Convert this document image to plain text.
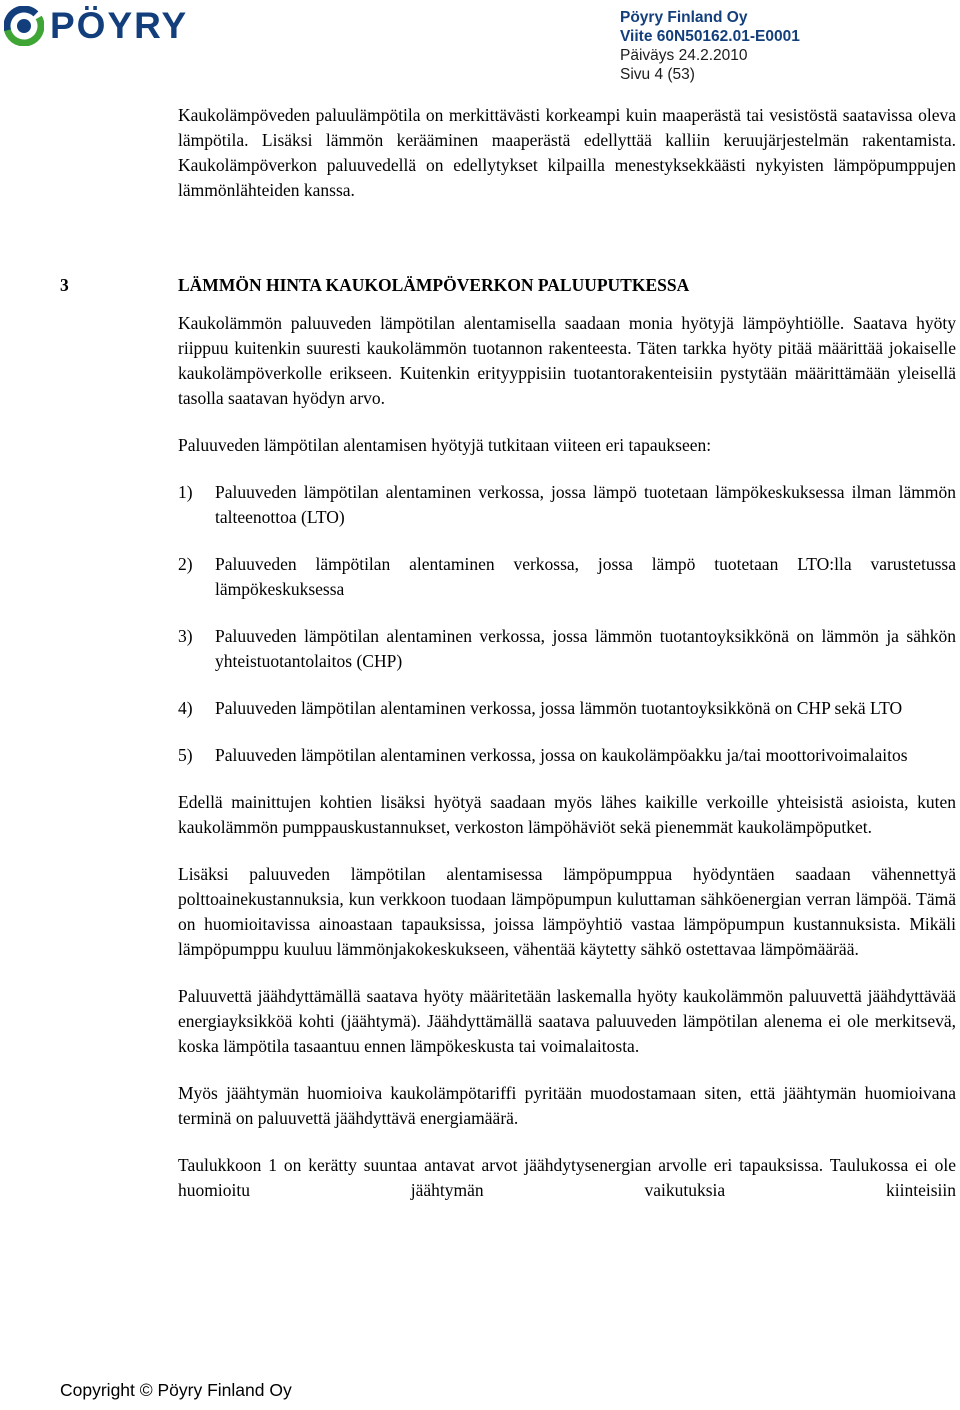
PÖYRY	Pöyry Finland Oy
Viite 60N50162.01-E0001
Päiväys 24.2.2010
Sivu 4 (53)

Kaukolämpöveden paluulämpötila on merkittävästi korkeampi kuin maaperästä tai vesistöstä saatavissa oleva lämpötila. Lisäksi lämmön kerääminen maaperästä edellyttää kalliin keruujärjestelmän rakentamista. Kaukolämpöverkon paluuvedellä on edellytykset kilpailla menestyksekkäästi nykyisten lämpöpumppujen lämmönlähteiden kanssa.

3	LÄMMÖN HINTA KAUKOLÄMPÖVERKON PALUUPUTKESSA

Kaukolämmön paluuveden lämpötilan alentamisella saadaan monia hyötyjä lämpöyhtiölle. Saatava hyöty riippuu kuitenkin suuresti kaukolämmön tuotannon rakenteesta. Täten tarkka hyöty pitää määrittää jokaiselle kaukolämpöverkolle erikseen. Kuitenkin erityyppisiin tuotantorakenteisiin pystytään määrittämään yleisellä tasolla saatavan hyödyn arvo.

Paluuveden lämpötilan alentamisen hyötyjä tutkitaan viiteen eri tapaukseen:

1)	Paluuveden lämpötilan alentaminen verkossa, jossa lämpö tuotetaan lämpökeskuksessa ilman lämmön talteenottoa (LTO)
2)	Paluuveden lämpötilan alentaminen verkossa, jossa lämpö tuotetaan LTO:lla varustetussa lämpökeskuksessa
3)	Paluuveden lämpötilan alentaminen verkossa, jossa lämmön tuotantoyksikkönä on lämmön ja sähkön yhteistuotantolaitos (CHP)
4)	Paluuveden lämpötilan alentaminen verkossa, jossa lämmön tuotantoyksikkönä on CHP sekä LTO
5)	Paluuveden lämpötilan alentaminen verkossa, jossa on kaukolämpöakku ja/tai moottorivoimalaitos

Edellä mainittujen kohtien lisäksi hyötyä saadaan myös lähes kaikille verkoille yhteisistä asioista, kuten kaukolämmön pumppauskustannukset, verkoston lämpöhäviöt sekä pienemmät kaukolämpöputket.

Lisäksi paluuveden lämpötilan alentamisessa lämpöpumppua hyödyntäen saadaan vähennettyä polttoainekustannuksia, kun verkkoon tuodaan lämpöpumpun kuluttaman sähköenergian verran lämpöä. Tämä on huomioitavissa ainoastaan tapauksissa, joissa lämpöyhtiö vastaa lämpöpumpun kustannuksista. Mikäli lämpöpumppu kuuluu lämmönjakokeskukseen, vähentää käytetty sähkö ostettavaa lämpömäärää.

Paluuvettä jäähdyttämällä saatava hyöty määritetään laskemalla hyöty kaukolämmön paluuvettä jäähdyttävää energiayksikköä kohti (jäähtymä). Jäähdyttämällä saatava paluuveden lämpötilan alenema ei ole merkitsevä, koska lämpötila tasaantuu ennen lämpökeskusta tai voimalaitosta.

Myös jäähtymän huomioiva kaukolämpötariffi pyritään muodostamaan siten, että jäähtymän huomioivana terminä on paluuvettä jäähdyttävä energiamäärä.

Taulukkoon 1 on kerätty suuntaa antavat arvot jäähdytysenergian arvolle eri tapauksissa. Taulukossa ei ole huomioitu jäähtymän vaikutuksia kiinteisiin

Copyright © Pöyry Finland Oy
